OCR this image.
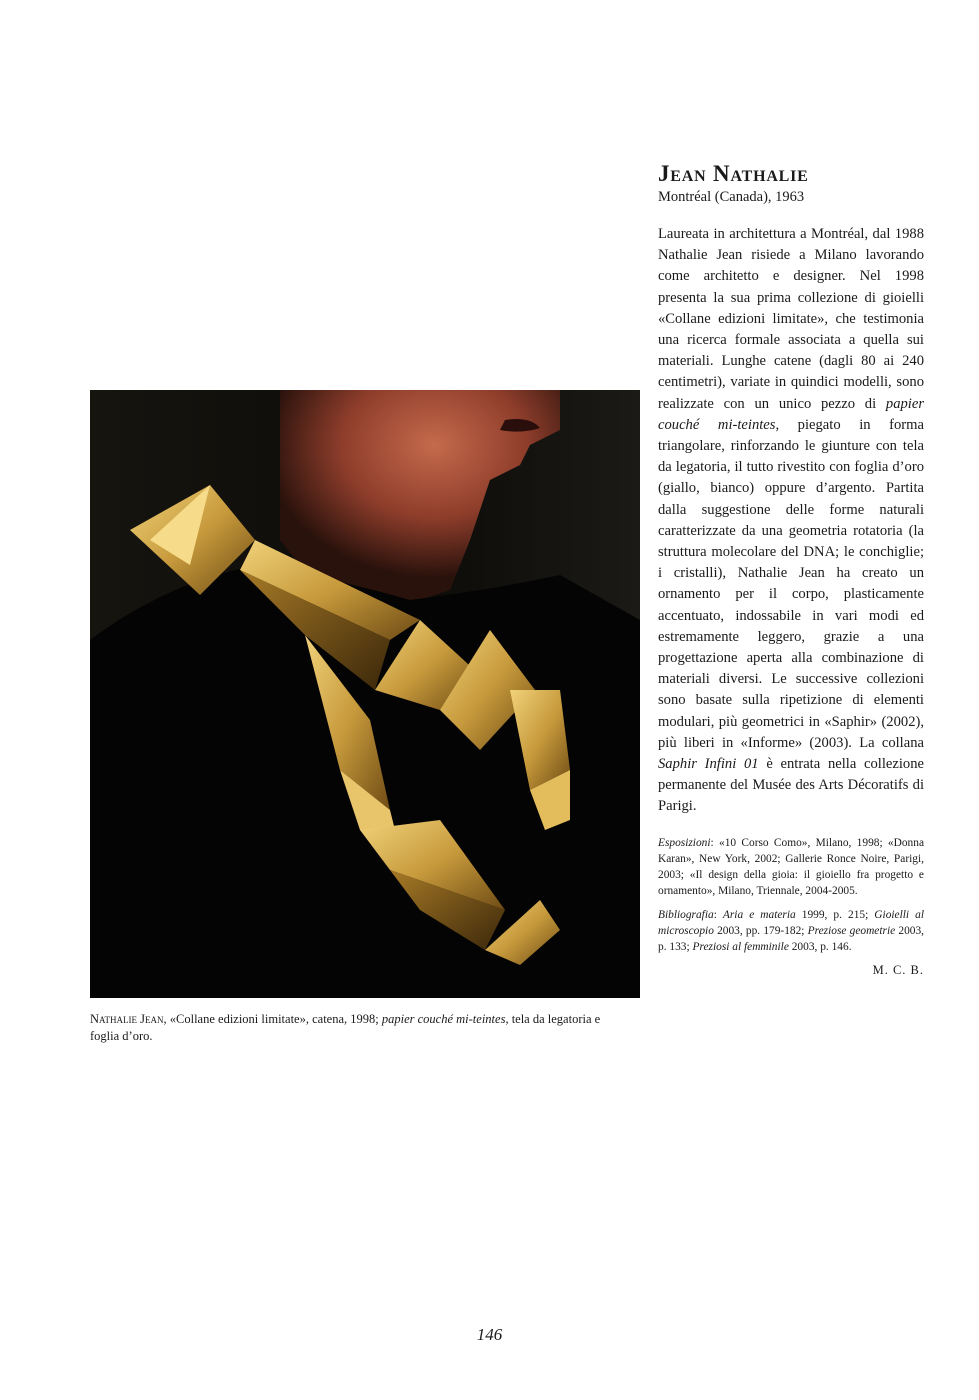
Nathalie Jean, «Collane edizioni limitate», catena, 1998; papier couché mi-teintes, tela da legatoria e foglia d’oro.
Jean Nathalie

Montréal (Canada), 1963

Laureata in architettura a Montréal, dal 1988 Nathalie Jean risiede a Milano lavorando come architetto e designer. Nel 1998 presenta la sua prima collezione di gioielli «Collane edizioni limitate», che testimonia una ricerca formale associata a quella sui materiali. Lunghe catene (dagli 80 ai 240 centimetri), variate in quindici modelli, sono realizzate con un unico pezzo di papier couché mi-teintes, piegato in forma triangolare, rinforzando le giunture con tela da legatoria, il tutto rivestito con foglia d’oro (giallo, bianco) oppure d’argento. Partita dalla suggestione delle forme naturali caratterizzate da una geometria rotatoria (la struttura molecolare del DNA; le conchiglie; i cristalli), Nathalie Jean ha creato un ornamento per il corpo, plasticamente accentuato, indossabile in vari modi ed estremamente leggero, grazie a una progettazione aperta alla combinazione di materiali diversi. Le successive collezioni sono basate sulla ripetizione di elementi modulari, più geometrici in «Saphir» (2002), più liberi in «Informe» (2003). La collana Saphir Infini 01 è entrata nella collezione permanente del Musée des Arts Décoratifs di Parigi.

Esposizioni: «10 Corso Como», Milano, 1998; «Donna Karan», New York, 2002; Gallerie Ronce Noire, Parigi, 2003; «Il design della gioia: il gioiello fra progetto e ornamento», Milano, Triennale, 2004-2005.

Bibliografia: Aria e materia 1999, p. 215; Gioielli al microscopio 2003, pp. 179-182; Preziose geometrie 2003, p. 133; Preziosi al femminile 2003, p. 146.

M. C. B.
146
